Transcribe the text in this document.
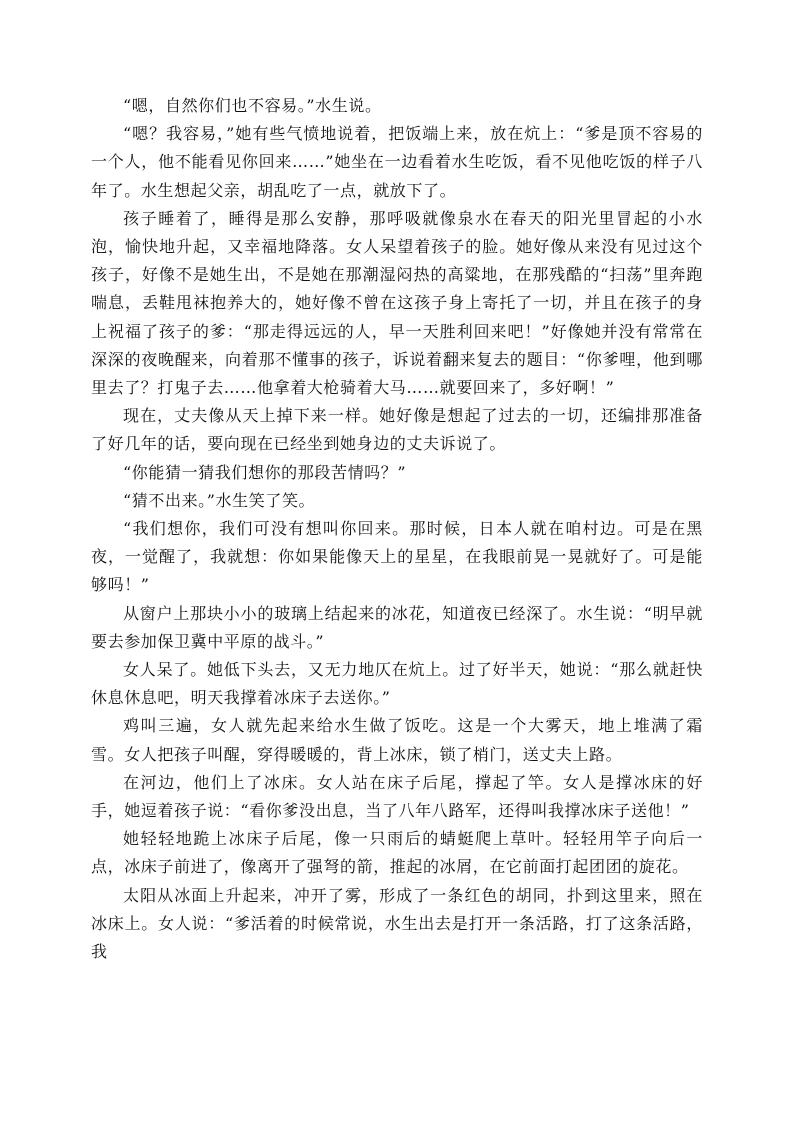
“嗯，自然你们也不容易。”水生说。

“嗯？我容易，”她有些气愤地说着，把饭端上来，放在炕上：“爹是顶不容易的一个人，他不能看见你回来……”她坐在一边看着水生吃饭，看不见他吃饭的样子八年了。水生想起父亲，胡乱吃了一点，就放下了。

孩子睡着了，睡得是那么安静，那呼吸就像泉水在春天的阳光里冒起的小水泡，愉快地升起，又幸福地降落。女人呆望着孩子的脸。她好像从来没有见过这个孩子，好像不是她生出，不是她在那潮湿闷热的高粱地，在那残酷的“扫荡”里奔跑喘息，丢鞋甩袜抱养大的，她好像不曾在这孩子身上寄托了一切，并且在孩子的身上祝福了孩子的爹：“那走得远远的人，早一天胜利回来吧！”好像她并没有常常在深深的夜晚醒来，向着那不懂事的孩子，诉说着翻来复去的题目：“你爹哩，他到哪里去了？打鬼子去……他拿着大枪骑着大马……就要回来了，多好啊！”

现在，丈夫像从天上掉下来一样。她好像是想起了过去的一切，还编排那准备了好几年的话，要向现在已经坐到她身边的丈夫诉说了。

“你能猜一猜我们想你的那段苦情吗？”

“猜不出来。”水生笑了笑。

“我们想你，我们可没有想叫你回来。那时候，日本人就在咱村边。可是在黑夜，一觉醒了，我就想：你如果能像天上的星星，在我眼前晃一晃就好了。可是能够吗！”

从窗户上那块小小的玻璃上结起来的冰花，知道夜已经深了。水生说：“明早就要去参加保卫冀中平原的战斗。”

女人呆了。她低下头去，又无力地仄在炕上。过了好半天，她说：“那么就赶快休息休息吧，明天我撑着冰床子去送你。”

鸡叫三遍，女人就先起来给水生做了饭吃。这是一个大雾天，地上堆满了霜雪。女人把孩子叫醒，穿得暖暖的，背上冰床，锁了梢门，送丈夫上路。

在河边，他们上了冰床。女人站在床子后尾，撑起了竿。女人是撑冰床的好手，她逗着孩子说：“看你爹没出息，当了八年八路军，还得叫我撑冰床子送他！”

她轻轻地跪上冰床子后尾，像一只雨后的蜻蜓爬上草叶。轻轻用竿子向后一点，冰床子前进了，像离开了强弩的箭，推起的冰屑，在它前面打起团团的旋花。

太阳从冰面上升起来，冲开了雾，形成了一条红色的胡同，扑到这里来，照在冰床上。女人说：“爹活着的时候常说，水生出去是打开一条活路，打了这条活路，我
